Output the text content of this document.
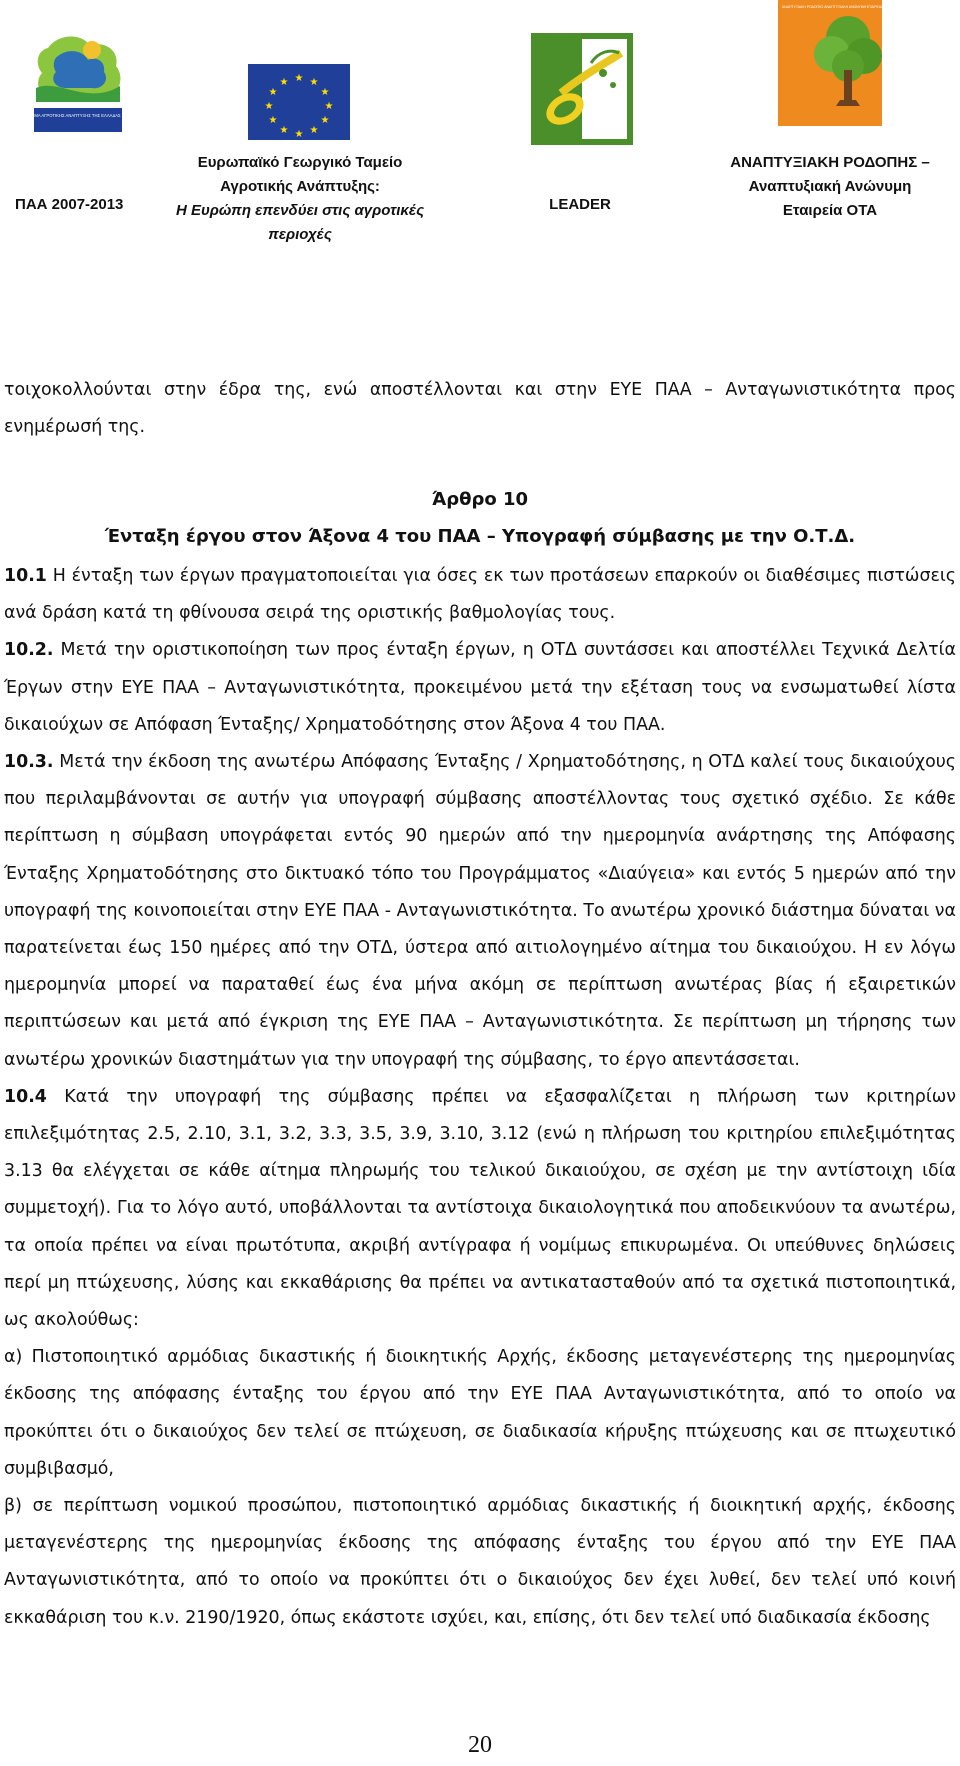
ΠΡΟΓΡΑΜΜΑ ΑΓΡΟΤΙΚΗΣ ΑΝΑΠΤΥΞΗΣ ΤΗΣ ΕΛΛΑΔΑΣ 2007-2013
★ ★
★
★
★
★
★
★
★
★
★
★
ΑΝΑΠΤΥΞΙΑΚΗ ΡΟΔΟΠΗΣ ΑΝΑΠΤΥΞΙΑΚΗ ΑΝΩΝΥΜΗ ΕΤΑΙΡΕΙΑ Ο.Τ.Α.
ΠΑΑ 2007-2013
Ευρωπαϊκό Γεωργικό Ταμείο
Αγροτικής Ανάπτυξης:
Η Ευρώπη επενδύει στις αγροτικές
περιοχές
LEADER
ΑΝΑΠΤΥΞΙΑΚΗ ΡΟΔΟΠΗΣ –
Αναπτυξιακή Ανώνυμη
Εταιρεία ΟΤΑ

τοιχοκολλούνται στην έδρα της, ενώ αποστέλλονται και στην ΕΥΕ ΠΑΑ – Ανταγωνιστικότητα προς ενημέρωσή της.

Άρθρο 10
Ένταξη έργου στον Άξονα 4 του ΠΑΑ – Υπογραφή σύμβασης με την Ο.Τ.Δ.

10.1 Η ένταξη των έργων πραγματοποιείται για όσες εκ των προτάσεων επαρκούν οι διαθέσιμες πιστώσεις ανά δράση κατά τη φθίνουσα σειρά της οριστικής βαθμολογίας τους.

10.2. Μετά την οριστικοποίηση των προς ένταξη έργων, η ΟΤΔ συντάσσει και αποστέλλει Τεχνικά Δελτία Έργων στην ΕΥΕ ΠΑΑ – Ανταγωνιστικότητα, προκειμένου μετά την εξέταση τους να ενσωματωθεί λίστα δικαιούχων σε Απόφαση Ένταξης/ Χρηματοδότησης στον Άξονα 4 του ΠΑΑ.

10.3. Μετά την έκδοση της ανωτέρω Απόφασης Ένταξης / Χρηματοδότησης, η ΟΤΔ καλεί τους δικαιούχους που περιλαμβάνονται σε αυτήν για υπογραφή σύμβασης αποστέλλοντας τους σχετικό σχέδιο. Σε κάθε περίπτωση η σύμβαση υπογράφεται εντός 90 ημερών από την ημερομηνία ανάρτησης της Απόφασης Ένταξης Χρηματοδότησης στο δικτυακό τόπο του Προγράμματος «Διαύγεια» και εντός 5 ημερών από την υπογραφή της κοινοποιείται στην ΕΥΕ ΠΑΑ - Ανταγωνιστικότητα. Το ανωτέρω χρονικό διάστημα δύναται να παρατείνεται έως 150 ημέρες από την ΟΤΔ, ύστερα από αιτιολογημένο αίτημα του δικαιούχου. Η εν λόγω ημερομηνία μπορεί να παραταθεί έως ένα μήνα ακόμη σε περίπτωση ανωτέρας βίας ή εξαιρετικών περιπτώσεων και μετά από έγκριση της ΕΥΕ ΠΑΑ – Ανταγωνιστικότητα. Σε περίπτωση μη τήρησης των ανωτέρω χρονικών διαστημάτων για την υπογραφή της σύμβασης, το έργο απεντάσσεται.

10.4 Κατά την υπογραφή της σύμβασης πρέπει να εξασφαλίζεται η πλήρωση των κριτηρίων επιλεξιμότητας 2.5, 2.10, 3.1, 3.2, 3.3, 3.5, 3.9, 3.10, 3.12 (ενώ η πλήρωση του κριτηρίου επιλεξιμότητας 3.13 θα ελέγχεται σε κάθε αίτημα πληρωμής του τελικού δικαιούχου, σε σχέση με την αντίστοιχη ιδία συμμετοχή). Για το λόγο αυτό, υποβάλλονται τα αντίστοιχα δικαιολογητικά που αποδεικνύουν τα ανωτέρω, τα οποία πρέπει να είναι πρωτότυπα, ακριβή αντίγραφα ή νομίμως επικυρωμένα. Οι υπεύθυνες δηλώσεις περί μη πτώχευσης, λύσης και εκκαθάρισης θα πρέπει να αντικατασταθούν από τα σχετικά πιστοποιητικά, ως ακολούθως:

α) Πιστοποιητικό αρμόδιας δικαστικής ή διοικητικής Αρχής, έκδοσης μεταγενέστερης της ημερομηνίας έκδοσης της απόφασης ένταξης του έργου από την ΕΥΕ ΠΑΑ Ανταγωνιστικότητα, από το οποίο να προκύπτει ότι ο δικαιούχος δεν τελεί σε πτώχευση, σε διαδικασία κήρυξης πτώχευσης και σε πτωχευτικό συμβιβασμό,

β) σε περίπτωση νομικού προσώπου, πιστοποιητικό αρμόδιας δικαστικής ή διοικητική αρχής, έκδοσης μεταγενέστερης της ημερομηνίας έκδοσης της απόφασης ένταξης του έργου από την ΕΥΕ ΠΑΑ Ανταγωνιστικότητα, από το οποίο να προκύπτει ότι ο δικαιούχος δεν έχει λυθεί, δεν τελεί υπό κοινή εκκαθάριση του κ.ν. 2190/1920, όπως εκάστοτε ισχύει, και, επίσης, ότι δεν τελεί υπό διαδικασία έκδοσης

20
